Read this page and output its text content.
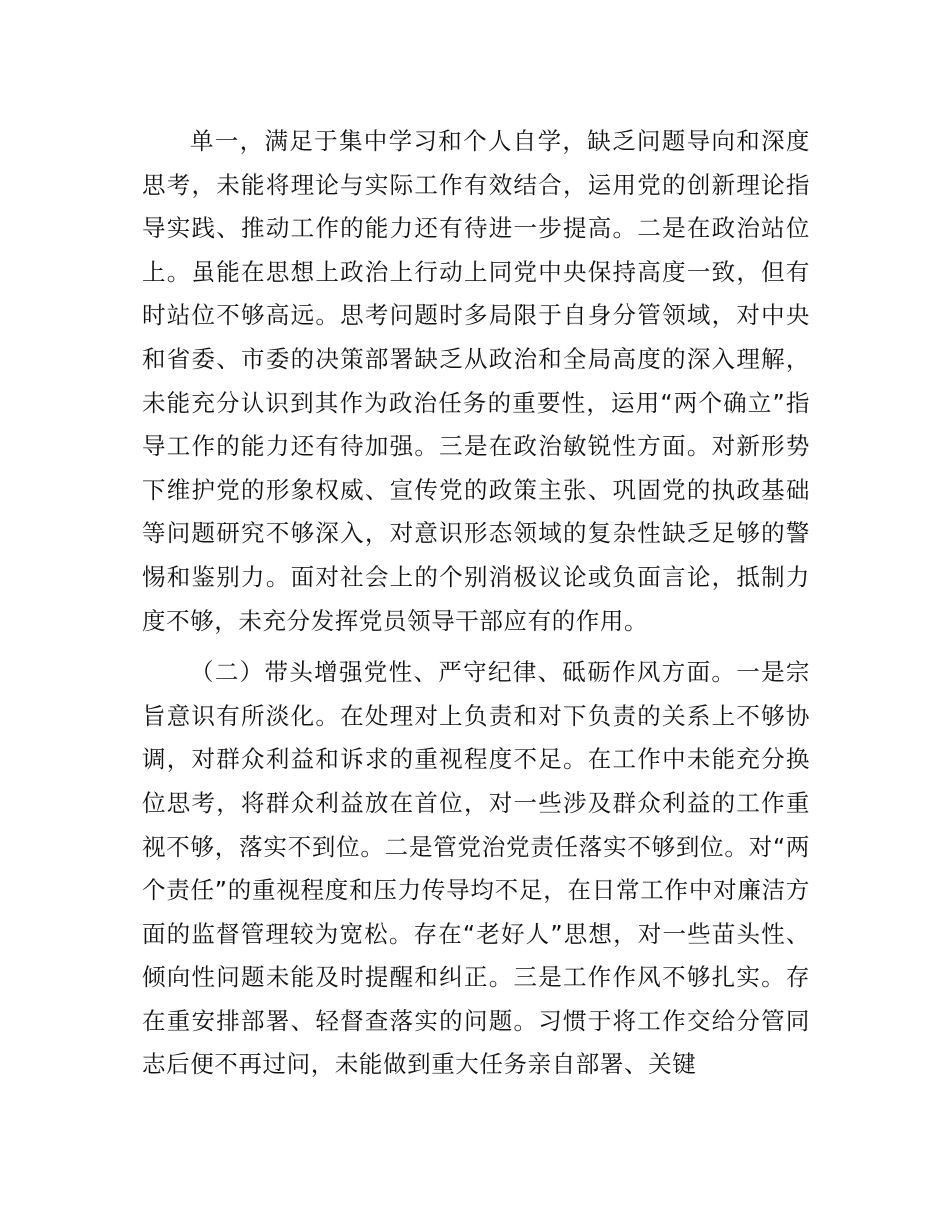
单一，满足于集中学习和个人自学，缺乏问题导向和深度思考，未能将理论与实际工作有效结合，运用党的创新理论指导实践、推动工作的能力还有待进一步提高。二是在政治站位上。虽能在思想上政治上行动上同党中央保持高度一致，但有时站位不够高远。思考问题时多局限于自身分管领域，对中央和省委、市委的决策部署缺乏从政治和全局高度的深入理解，未能充分认识到其作为政治任务的重要性，运用“两个确立”指导工作的能力还有待加强。三是在政治敏锐性方面。对新形势下维护党的形象权威、宣传党的政策主张、巩固党的执政基础等问题研究不够深入，对意识形态领域的复杂性缺乏足够的警惕和鉴别力。面对社会上的个别消极议论或负面言论，抵制力度不够，未充分发挥党员领导干部应有的作用。

（二）带头增强党性、严守纪律、砥砺作风方面。一是宗旨意识有所淡化。在处理对上负责和对下负责的关系上不够协调，对群众利益和诉求的重视程度不足。在工作中未能充分换位思考，将群众利益放在首位，对一些涉及群众利益的工作重视不够，落实不到位。二是管党治党责任落实不够到位。对“两个责任”的重视程度和压力传导均不足，在日常工作中对廉洁方面的监督管理较为宽松。存在“老好人”思想，对一些苗头性、倾向性问题未能及时提醒和纠正。三是工作作风不够扎实。存在重安排部署、轻督查落实的问题。习惯于将工作交给分管同志后便不再过问，未能做到重大任务亲自部署、关键
